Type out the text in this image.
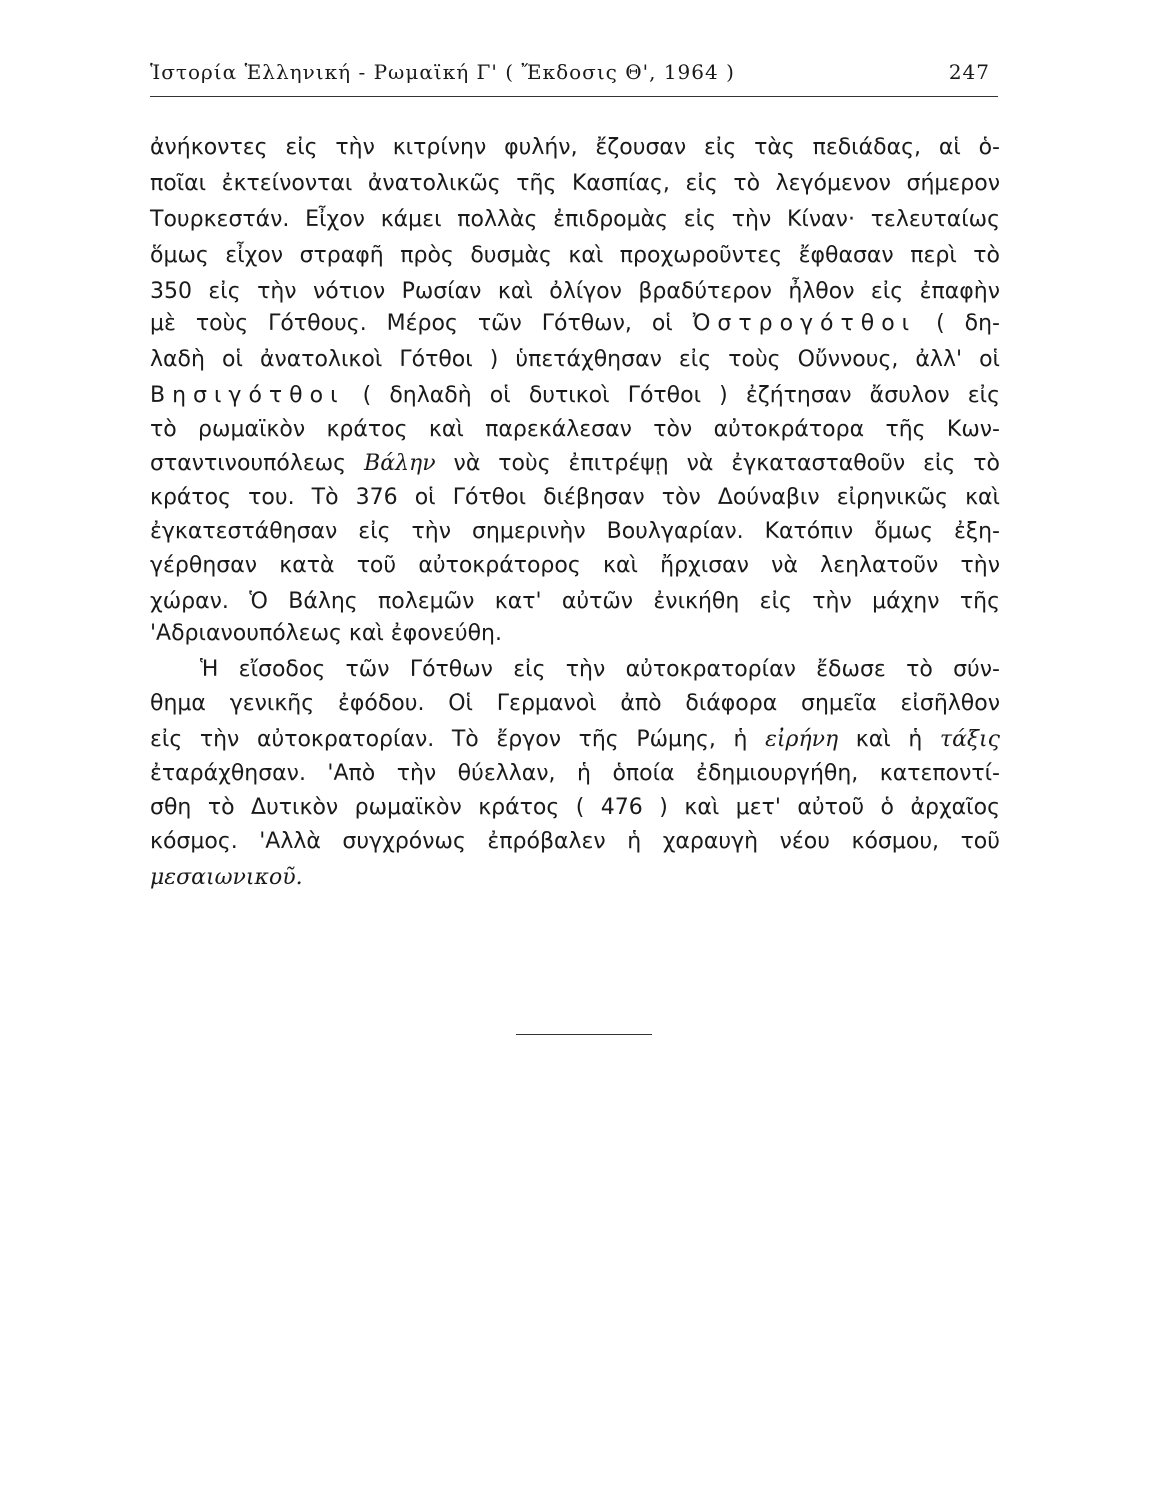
Ἱστορία Ἑλληνική - Ρωμαϊκή Γ' ( Ἔκδοσις Θ', 1964 )	247
ἀνήκοντες εἰς τὴν κιτρίνην φυλήν, ἔζουσαν εἰς τὰς πεδιάδας, αἱ ὁ-
ποῖαι ἐκτείνονται ἀνατολικῶς τῆς Κασπίας, εἰς τὸ λεγόμενον σήμερον
Τουρκεστάν. Εἶχον κάμει πολλὰς ἐπιδρομὰς εἰς τὴν Κίναν· τελευταίως
ὅμως εἶχον στραφῆ πρὸς δυσμὰς καὶ προχωροῦντες ἔφθασαν περὶ τὸ
350 εἰς τὴν νότιον Ρωσίαν καὶ ὀλίγον βραδύτερον ἦλθον εἰς ἐπαφὴν
μὲ τοὺς Γότθους. Μέρος τῶν Γότθων, οἱ Ὀστρογότθοι ( δη-
λαδὴ οἱ ἀνατολικοὶ Γότθοι ) ὑπετάχθησαν εἰς τοὺς Οὔννους, ἀλλ' οἱ
Βησιγότθοι ( δηλαδὴ οἱ δυτικοὶ Γότθοι ) ἐζήτησαν ἄσυλον εἰς
τὸ ρωμαϊκὸν κράτος καὶ παρεκάλεσαν τὸν αὐτοκράτορα τῆς Κων-
σταντινουπόλεως Βάλην νὰ τοὺς ἐπιτρέψῃ νὰ ἐγκατασταθοῦν εἰς τὸ
κράτος του. Τὸ 376 οἱ Γότθοι διέβησαν τὸν Δούναβιν εἰρηνικῶς καὶ
ἐγκατεστάθησαν εἰς τὴν σημερινὴν Βουλγαρίαν. Κατόπιν ὅμως ἐξη-
γέρθησαν κατὰ τοῦ αὐτοκράτορος καὶ ἤρχισαν νὰ λεηλατοῦν τὴν
χώραν. Ὁ Βάλης πολεμῶν κατ' αὐτῶν ἐνικήθη εἰς τὴν μάχην τῆς
'Αδριανουπόλεως καὶ ἐφονεύθη.
Ἡ εἴσοδος τῶν Γότθων εἰς τὴν αὐτοκρατορίαν ἔδωσε τὸ σύν-
θημα γενικῆς ἐφόδου. Οἱ Γερμανοὶ ἀπὸ διάφορα σημεῖα εἰσῆλθον
εἰς τὴν αὐτοκρατορίαν. Τὸ ἔργον τῆς Ρώμης, ἡ εἰρήνη καὶ ἡ τάξις
ἐταράχθησαν. 'Απὸ τὴν θύελλαν, ἡ ὁποία ἐδημιουργήθη, κατεποντί-
σθη τὸ Δυτικὸν ρωμαϊκὸν κράτος ( 476 ) καὶ μετ' αὐτοῦ ὁ ἀρχαῖος
κόσμος. 'Αλλὰ συγχρόνως ἐπρόβαλεν ἡ χαραυγὴ νέου κόσμου, τοῦ
μεσαιωνικοῦ.
